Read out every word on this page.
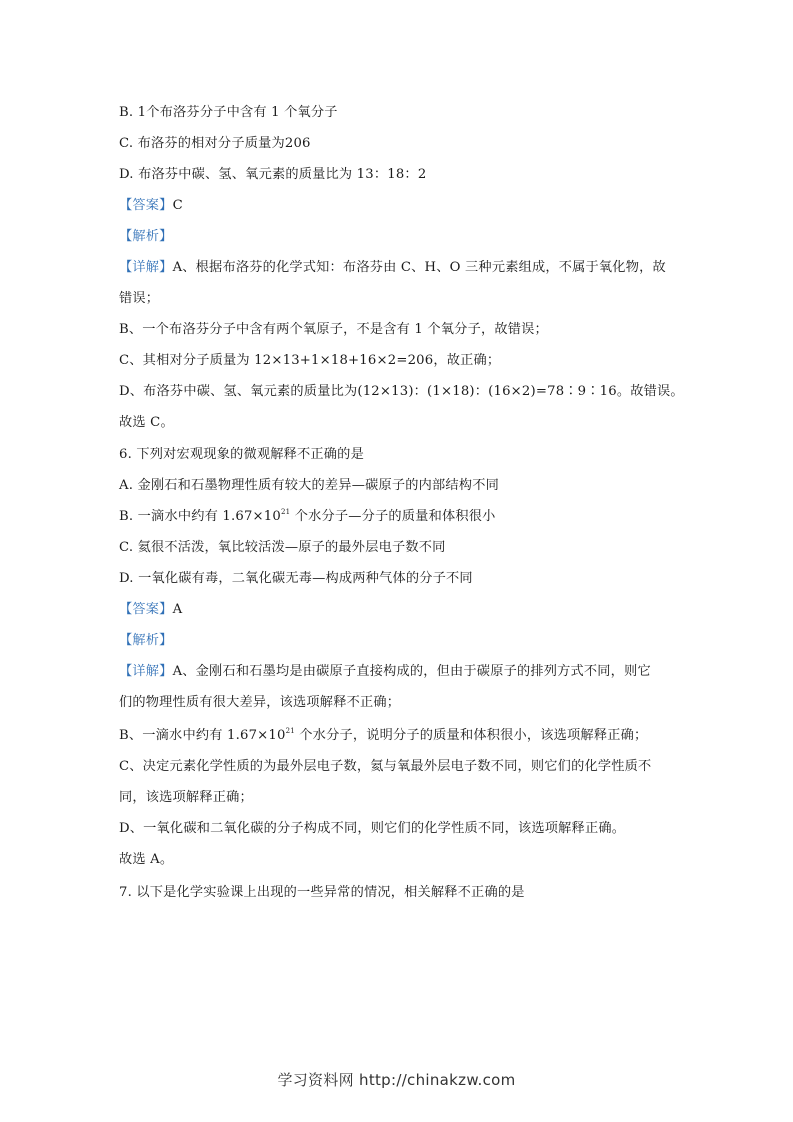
B. 1个布洛芬分子中含有 1 个氧分子
C. 布洛芬的相对分子质量为206
D. 布洛芬中碳、氢、氧元素的质量比为 13：18：2
【答案】C
【解析】
【详解】A、根据布洛芬的化学式知：布洛芬由 C、H、O 三种元素组成，不属于氧化物，故
错误；
B、一个布洛芬分子中含有两个氧原子，不是含有 1 个氧分子，故错误；
C、其相对分子质量为 12×13+1×18+16×2=206，故正确；
D、布洛芬中碳、氢、氧元素的质量比为(12×13)：(1×18)：(16×2)=78∶9∶16。故错误。
故选 C。
6. 下列对宏观现象的微观解释不正确的是
A. 金刚石和石墨物理性质有较大的差异—碳原子的内部结构不同
B. 一滴水中约有 $1.67\times 10^{21}$ 个水分子—分子的质量和体积很小
C. 氦很不活泼，氧比较活泼—原子的最外层电子数不同
D. 一氧化碳有毒，二氧化碳无毒—构成两种气体的分子不同
【答案】A
【解析】
【详解】A、金刚石和石墨均是由碳原子直接构成的，但由于碳原子的排列方式不同，则它
们的物理性质有很大差异，该选项解释不正确；
B、一滴水中约有 $1.67\times 10^{21}$ 个水分子，说明分子的质量和体积很小，该选项解释正确；
C、决定元素化学性质的为最外层电子数，氦与氧最外层电子数不同，则它们的化学性质不
同，该选项解释正确；
D、一氧化碳和二氧化碳的分子构成不同，则它们的化学性质不同，该选项解释正确。
故选 A。
7. 以下是化学实验课上出现的一些异常的情况，相关解释不正确的是
学习资料网 http://chinakzw.com
